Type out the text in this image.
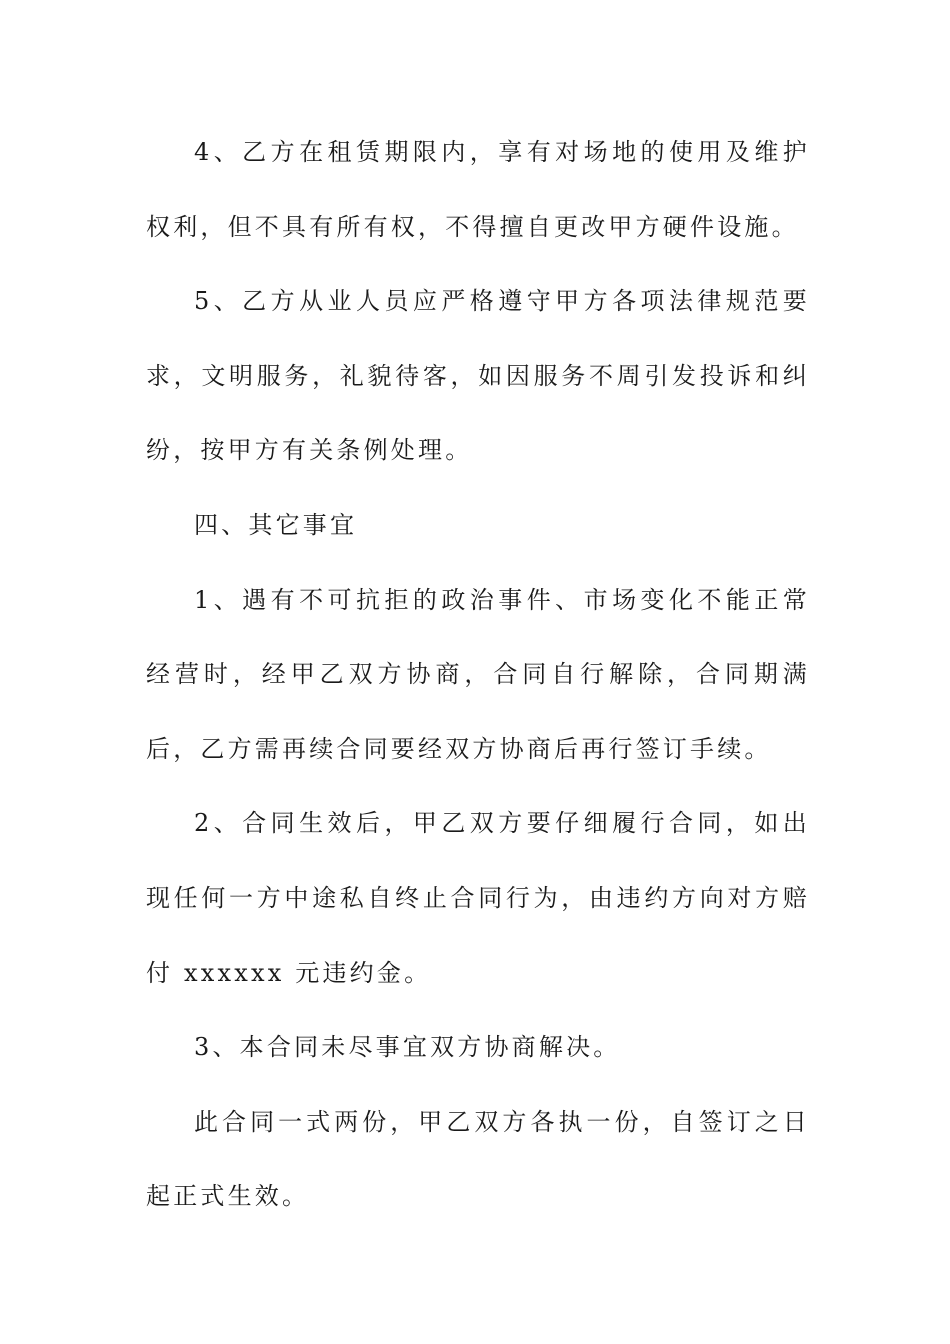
4、乙方在租赁期限内，享有对场地的使用及维护权利，但不具有所有权，不得擅自更改甲方硬件设施。

5、乙方从业人员应严格遵守甲方各项法律规范要求，文明服务，礼貌待客，如因服务不周引发投诉和纠纷，按甲方有关条例处理。

四、其它事宜

1、遇有不可抗拒的政治事件、市场变化不能正常经营时，经甲乙双方协商，合同自行解除，合同期满后，乙方需再续合同要经双方协商后再行签订手续。

2、合同生效后，甲乙双方要仔细履行合同，如出现任何一方中途私自终止合同行为，由违约方向对方赔付 xxxxxx 元违约金。

3、本合同未尽事宜双方协商解决。

此合同一式两份，甲乙双方各执一份，自签订之日起正式生效。
